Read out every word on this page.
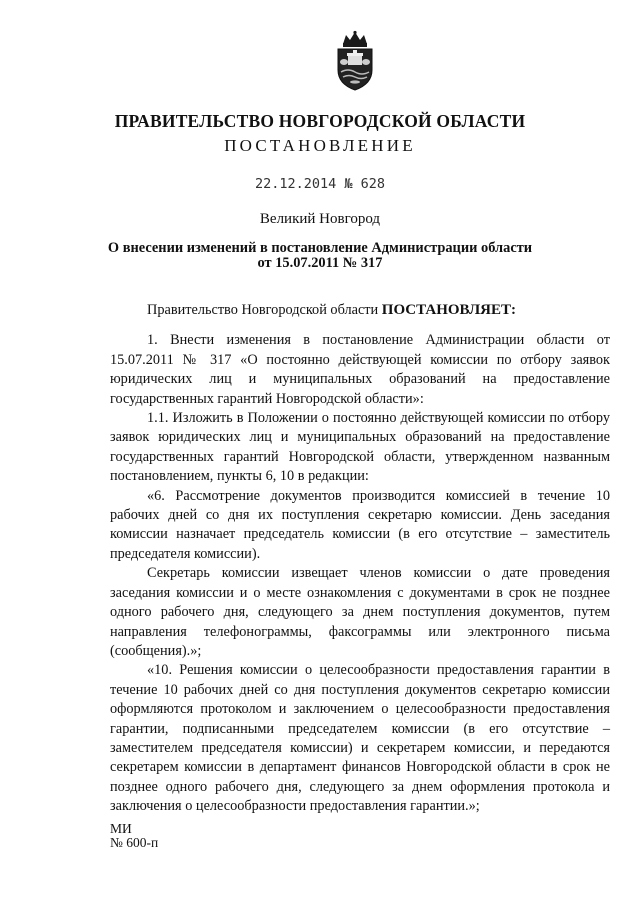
ПРАВИТЕЛЬСТВО НОВГОРОДСКОЙ ОБЛАСТИ
ПОСТАНОВЛЕНИЕ
22.12.2014 № 628
Великий Новгород
О внесении изменений в постановление Администрации области
от 15.07.2011 № 317

Правительство Новгородской области ПОСТАНОВЛЯЕТ:

1. Внести изменения в постановление Администрации области от 15.07.2011 № 317 «О постоянно действующей комиссии по отбору заявок юридических лиц и муниципальных образований на предоставление государственных гарантий Новгородской области»:

1.1. Изложить в Положении о постоянно действующей комиссии по отбору заявок юридических лиц и муниципальных образований на предоставление государственных гарантий Новгородской области, утвержденном названным постановлением, пункты 6, 10 в редакции:

«6. Рассмотрение документов производится комиссией в течение 10 рабочих дней со дня их поступления секретарю комиссии. День заседания комиссии назначает председатель комиссии (в его отсутствие – заместитель председателя комиссии).

Секретарь комиссии извещает членов комиссии о дате проведения заседания комиссии и о месте ознакомления с документами в срок не позднее одного рабочего дня, следующего за днем поступления документов, путем направления телефонограммы, факсограммы или электронного письма (сообщения).»;

«10. Решения комиссии о целесообразности предоставления гарантии в течение 10 рабочих дней со дня поступления документов секретарю комиссии оформляются протоколом и заключением о целесообразности предоставления гарантии, подписанными председателем комиссии (в его отсутствие – заместителем председателя комиссии) и секретарем комиссии, и передаются секретарем комиссии в департамент финансов Новгородской области в срок не позднее одного рабочего дня, следующего за днем оформления протокола и заключения о целесообразности предоставления гарантии.»;

МИ
№ 600-п
